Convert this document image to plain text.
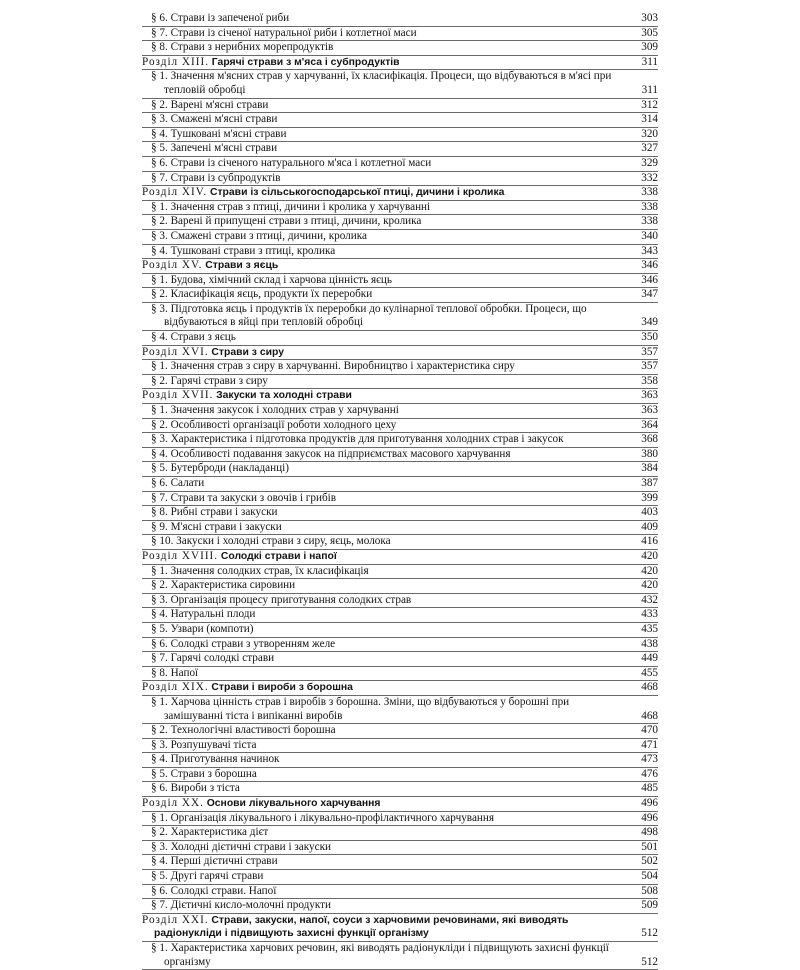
§ 6. Страви із запеченої риби	303
§ 7. Страви із січеної натуральної риби і котлетної маси	305
§ 8. Страви з нерибних морепродуктів	309
Розділ XIII. Гарячі страви з м'яса і субпродуктів	311
§ 1. Значення м'ясних страв у харчуванні, їх класифікація. Процеси, що відбуваються в м'ясі при тепловій обробці	311
§ 2. Варені м'ясні страви	312
§ 3. Смажені м'ясні страви	314
§ 4. Тушковані м'ясні страви	320
§ 5. Запечені м'ясні страви	327
§ 6. Страви із січеного натурального м'яса і котлетної маси	329
§ 7. Страви із субпродуктів	332
Розділ XIV. Страви із сільськогосподарської птиці, дичини і кролика	338
§ 1. Значення страв з птиці, дичини і кролика у харчуванні	338
§ 2. Варені й припущені страви з птиці, дичини, кролика	338
§ 3. Смажені страви з птиці, дичини, кролика	340
§ 4. Тушковані страви з птиці, кролика	343
Розділ XV. Страви з яєць	346
§ 1. Будова, хімічний склад і харчова цінність яєць	346
§ 2. Класифікація яєць, продукти їх переробки	347
§ 3. Підготовка яєць і продуктів їх переробки до кулінарної теплової обробки. Процеси, що відбуваються в яйці при тепловій обробці	349
§ 4. Страви з яєць	350
Розділ XVI. Страви з сиру	357
§ 1. Значення страв з сиру в харчуванні. Виробництво і характеристика сиру	357
§ 2. Гарячі страви з сиру	358
Розділ XVII. Закуски та холодні страви	363
§ 1. Значення закусок і холодних страв у харчуванні	363
§ 2. Особливості організації роботи холодного цеху	364
§ 3. Характеристика і підготовка продуктів для приготування холодних страв і закусок	368
§ 4. Особливості подавання закусок на підприємствах масового харчування	380
§ 5. Бутерброди (накладанці)	384
§ 6. Салати	387
§ 7. Страви та закуски з овочів і грибів	399
§ 8. Рибні страви і закуски	403
§ 9. М'ясні страви і закуски	409
§ 10. Закуски і холодні страви з сиру, яєць, молока	416
Розділ XVIII. Солодкі страви і напої	420
§ 1. Значення солодких страв, їх класифікація	420
§ 2. Характеристика сировини	420
§ 3. Організація процесу приготування солодких страв	432
§ 4. Натуральні плоди	433
§ 5. Узвари (компоти)	435
§ 6. Солодкі страви з утворенням желе	438
§ 7. Гарячі солодкі страви	449
§ 8. Напої	455
Розділ XIX. Страви і вироби з борошна	468
§ 1. Харчова цінність страв і виробів з борошна. Зміни, що відбуваються у борошні при замішуванні тіста і випіканні виробів	468
§ 2. Технологічні властивості борошна	470
§ 3. Розпушувачі тіста	471
§ 4. Приготування начинок	473
§ 5. Страви з борошна	476
§ 6. Вироби з тіста	485
Розділ XX. Основи лікувального харчування	496
§ 1. Організація лікувального і лікувально-профілактичного харчування	496
§ 2. Характеристика дієт	498
§ 3. Холодні дієтичні страви і закуски	501
§ 4. Перші дієтичні страви	502
§ 5. Другі гарячі страви	504
§ 6. Солодкі страви. Напої	508
§ 7. Дієтичні кисло-молочні продукти	509
Розділ XXI. Страви, закуски, напої, соуси з харчовими речовинами, які виводять радіонукліди і підвищують захисні функції організму	512
§ 1. Характеристика харчових речовин, які виводять радіонукліди і підвищують захисні функції організму	512
